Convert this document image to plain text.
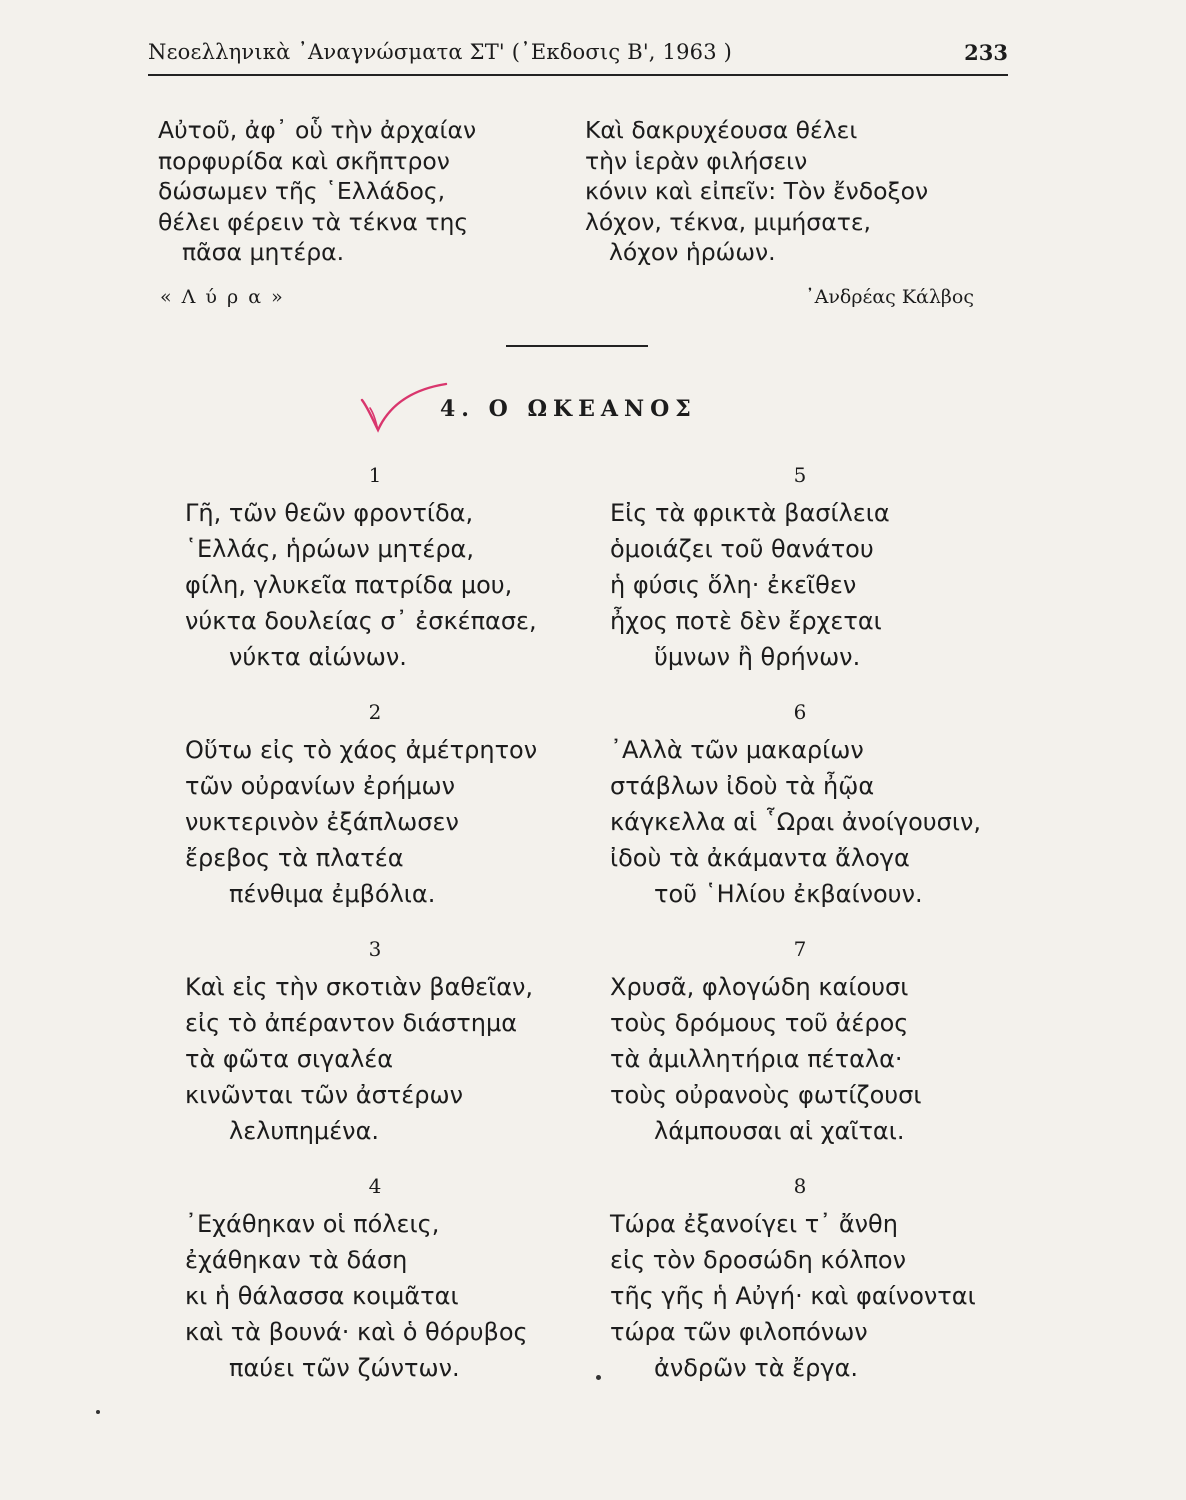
Νεοελληνικὰ ᾿Αναγνώσματα ΣΤ' (᾿Εκδοσις Β', 1963 )	233
Αὐτοῦ, ἀφ᾿ οὗ τὴν ἀρχαίαν
πορφυρίδα καὶ σκῆπτρον
δώσωμεν τῆς ῾Ελλάδος,
θέλει φέρειν τὰ τέκνα της
πᾶσα μητέρα.
Καὶ δακρυχέουσα θέλει
τὴν ἱερὰν φιλήσειν
κόνιν καὶ εἰπεῖν: Τὸν ἔνδοξον
λόχον, τέκνα, μιμήσατε,
λόχον ἡρώων.
« Λ ύ ρ α »	᾿Ανδρέας Κάλβος
4. Ο ΩΚΕΑΝΟΣ
1
Γῆ, τῶν θεῶν φροντίδα,
῾Ελλάς, ἡρώων μητέρα,
φίλη, γλυκεῖα πατρίδα μου,
νύκτα δουλείας σ᾿ ἐσκέπασε,
νύκτα αἰώνων.
2
Οὕτω εἰς τὸ χάος ἀμέτρητον
τῶν οὐρανίων ἐρήμων
νυκτερινὸν ἐξάπλωσεν
ἔρεβος τὰ πλατέα
πένθιμα ἐμβόλια.
3
Καὶ εἰς τὴν σκοτιὰν βαθεῖαν,
εἰς τὸ ἀπέραντον διάστημα
τὰ φῶτα σιγαλέα
κινῶνται τῶν ἀστέρων
λελυπημένα.
4
᾿Εχάθηκαν οἱ πόλεις,
ἐχάθηκαν τὰ δάση
κι ἡ θάλασσα κοιμᾶται
καὶ τὰ βουνά· καὶ ὁ θόρυβος
παύει τῶν ζώντων.
5
Εἰς τὰ φρικτὰ βασίλεια
ὁμοιάζει τοῦ θανάτου
ἡ φύσις ὅλη· ἐκεῖθεν
ἦχος ποτὲ δὲν ἔρχεται
ὕμνων ἢ θρήνων.
6
᾿Αλλὰ τῶν μακαρίων
στάβλων ἰδοὺ τὰ ἦῷα
κάγκελλα αἱ ῟Ωραι ἀνοίγουσιν,
ἰδοὺ τὰ ἀκάμαντα ἄλογα
τοῦ ῾Ηλίου ἐκβαίνουν.
7
Χρυσᾶ, φλογώδη καίουσι
τοὺς δρόμους τοῦ ἀέρος
τὰ ἀμιλλητήρια πέταλα·
τοὺς οὐρανοὺς φωτίζουσι
λάμπουσαι αἱ χαῖται.
8
Τώρα ἐξανοίγει τ᾿ ἄνθη
εἰς τὸν δροσώδη κόλπον
τῆς γῆς ἡ Αὐγή· καὶ φαίνονται
τώρα τῶν φιλοπόνων
ἀνδρῶν τὰ ἔργα.
